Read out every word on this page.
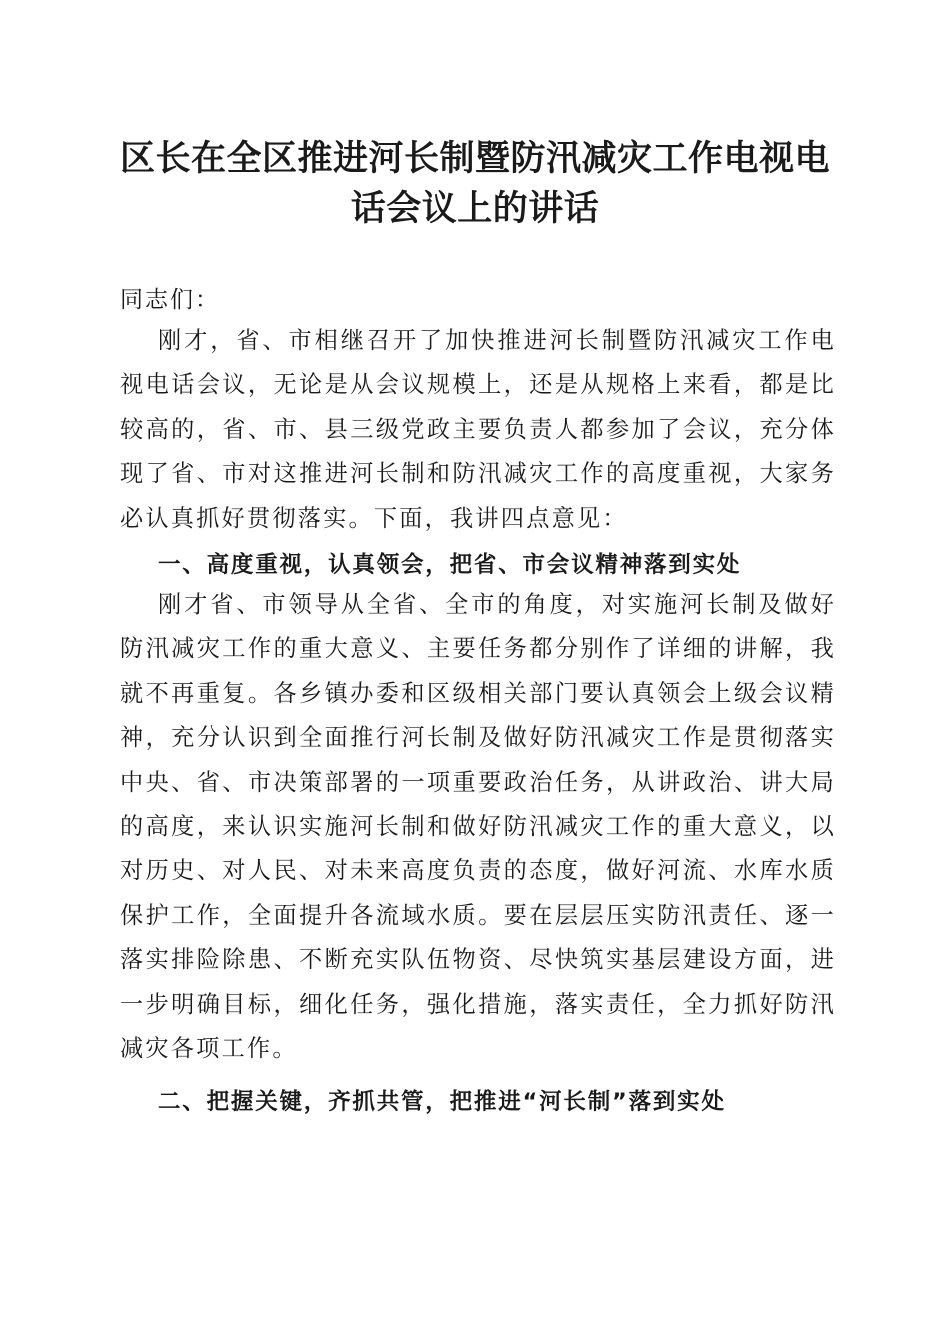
区长在全区推进河长制暨防汛减灾工作电视电
话会议上的讲话

同志们：

刚才，省、市相继召开了加快推进河长制暨防汛减灾工作电视电话会议，无论是从会议规模上，还是从规格上来看，都是比较高的，省、市、县三级党政主要负责人都参加了会议，充分体现了省、市对这推进河长制和防汛减灾工作的高度重视，大家务必认真抓好贯彻落实。下面，我讲四点意见：

一、高度重视，认真领会，把省、市会议精神落到实处

刚才省、市领导从全省、全市的角度，对实施河长制及做好防汛减灾工作的重大意义、主要任务都分别作了详细的讲解，我就不再重复。各乡镇办委和区级相关部门要认真领会上级会议精神，充分认识到全面推行河长制及做好防汛减灾工作是贯彻落实中央、省、市决策部署的一项重要政治任务，从讲政治、讲大局的高度，来认识实施河长制和做好防汛减灾工作的重大意义，以对历史、对人民、对未来高度负责的态度，做好河流、水库水质保护工作，全面提升各流域水质。要在层层压实防汛责任、逐一落实排险除患、不断充实队伍物资、尽快筑实基层建设方面，进一步明确目标，细化任务，强化措施，落实责任，全力抓好防汛减灾各项工作。

二、把握关键，齐抓共管，把推进“河长制”落到实处
